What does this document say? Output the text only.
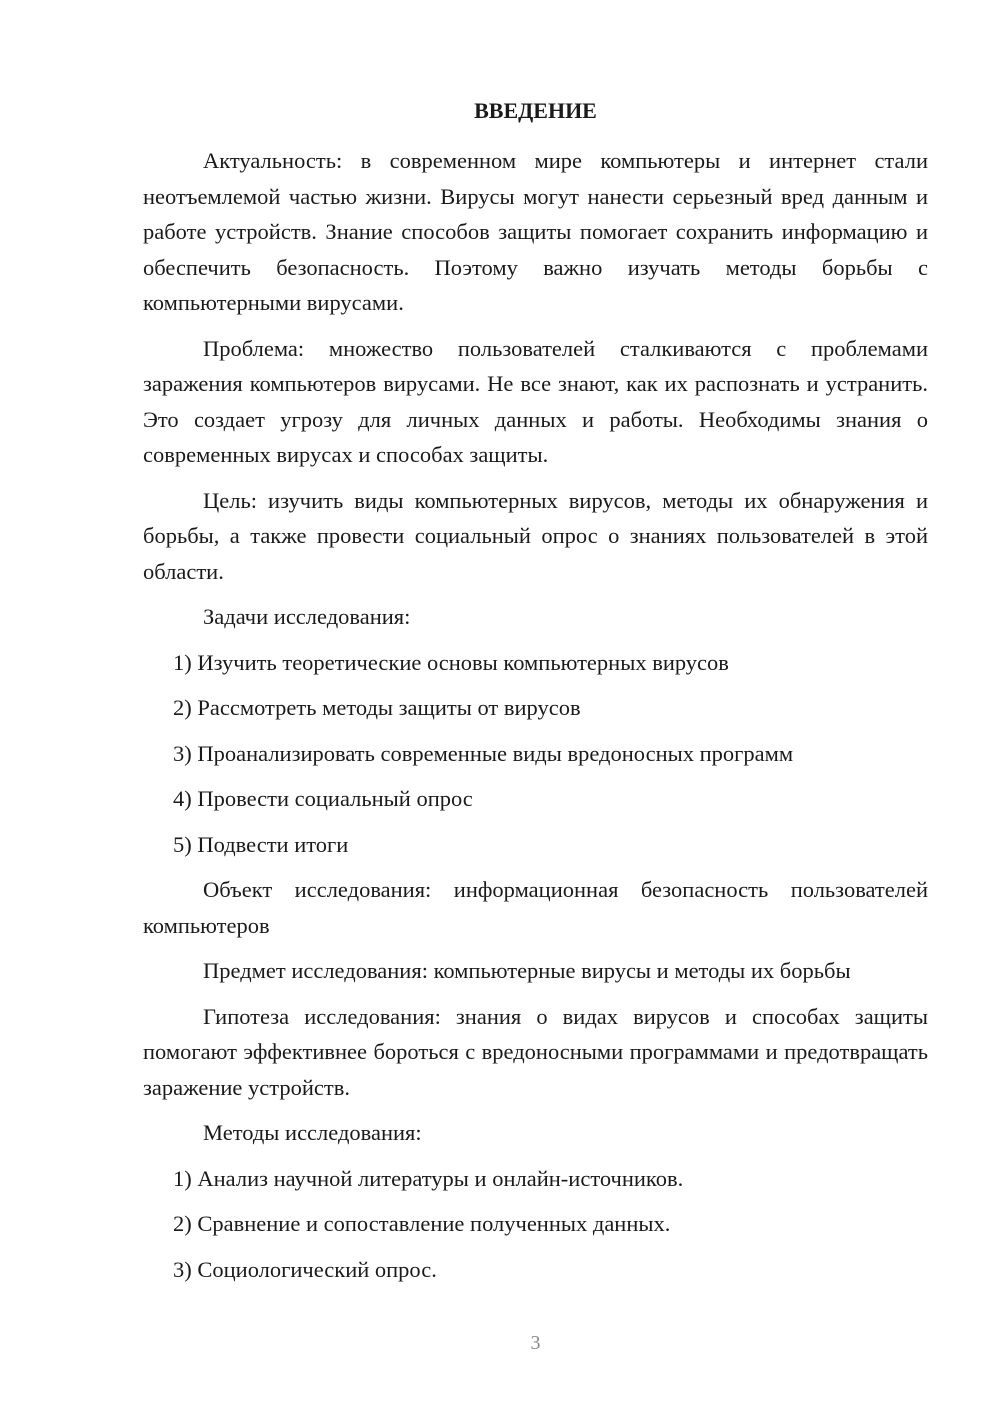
ВВЕДЕНИЕ

Актуальность: в современном мире компьютеры и интернет стали неотъемлемой частью жизни. Вирусы могут нанести серьезный вред данным и работе устройств. Знание способов защиты помогает сохранить информацию и обеспечить безопасность. Поэтому важно изучать методы борьбы с компьютерными вирусами.

Проблема: множество пользователей сталкиваются с проблемами заражения компьютеров вирусами. Не все знают, как их распознать и устранить. Это создает угрозу для личных данных и работы. Необходимы знания о современных вирусах и способах защиты.

Цель: изучить виды компьютерных вирусов, методы их обнаружения и борьбы, а также провести социальный опрос о знаниях пользователей в этой области.

Задачи исследования:

1) Изучить теоретические основы компьютерных вирусов

2) Рассмотреть методы защиты от вирусов

3) Проанализировать современные виды вредоносных программ

4) Провести социальный опрос

5) Подвести итоги

Объект исследования: информационная безопасность пользователей компьютеров

Предмет исследования: компьютерные вирусы и методы их борьбы

Гипотеза исследования: знания о видах вирусов и способах защиты помогают эффективнее бороться с вредоносными программами и предотвращать заражение устройств.

Методы исследования:

1) Анализ научной литературы и онлайн-источников.

2) Сравнение и сопоставление полученных данных.

3) Социологический опрос.

3
